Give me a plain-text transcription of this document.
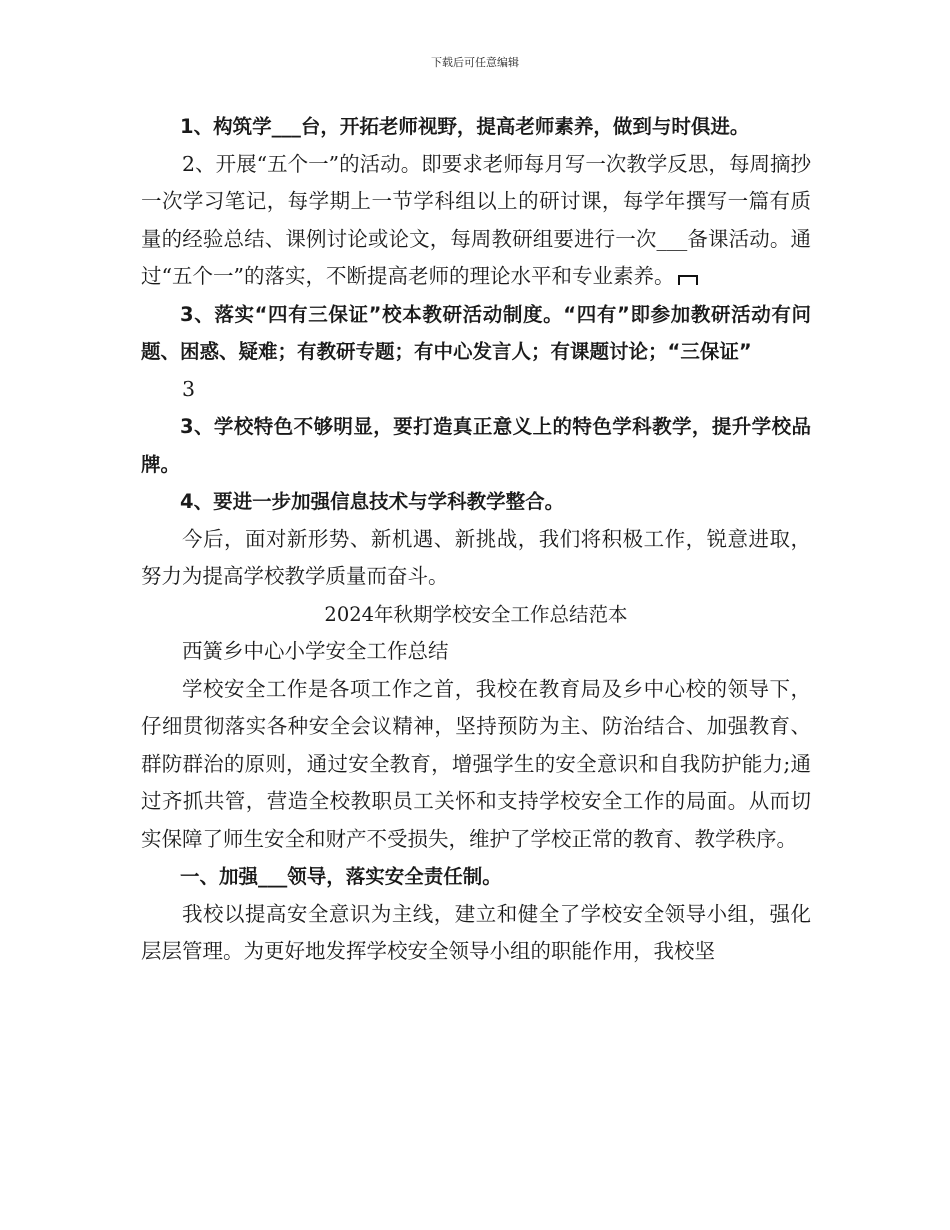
下载后可任意编辑

1、构筑学___台，开拓老师视野，提高老师素养，做到与时俱进。

2、开展“五个一”的活动。即要求老师每月写一次教学反思，每周摘抄一次学习笔记，每学期上一节学科组以上的研讨课，每学年撰写一篇有质量的经验总结、课例讨论或论文，每周教研组要进行一次___备课活动。通过“五个一”的落实，不断提高老师的理论水平和专业素养。

3、落实“四有三保证”校本教研活动制度。“四有”即参加教研活动有问题、困惑、疑难；有教研专题；有中心发言人；有课题讨论；“三保证”

3

3、学校特色不够明显，要打造真正意义上的特色学科教学，提升学校品牌。

4、要进一步加强信息技术与学科教学整合。

今后，面对新形势、新机遇、新挑战，我们将积极工作，锐意进取，努力为提高学校教学质量而奋斗。

2024年秋期学校安全工作总结范本

西簧乡中心小学安全工作总结

学校安全工作是各项工作之首，我校在教育局及乡中心校的领导下，仔细贯彻落实各种安全会议精神，坚持预防为主、防治结合、加强教育、群防群治的原则，通过安全教育，增强学生的安全意识和自我防护能力;通过齐抓共管，营造全校教职员工关怀和支持学校安全工作的局面。从而切实保障了师生安全和财产不受损失，维护了学校正常的教育、教学秩序。

一、加强___领导，落实安全责任制。

我校以提高安全意识为主线，建立和健全了学校安全领导小组，强化层层管理。为更好地发挥学校安全领导小组的职能作用，我校坚
